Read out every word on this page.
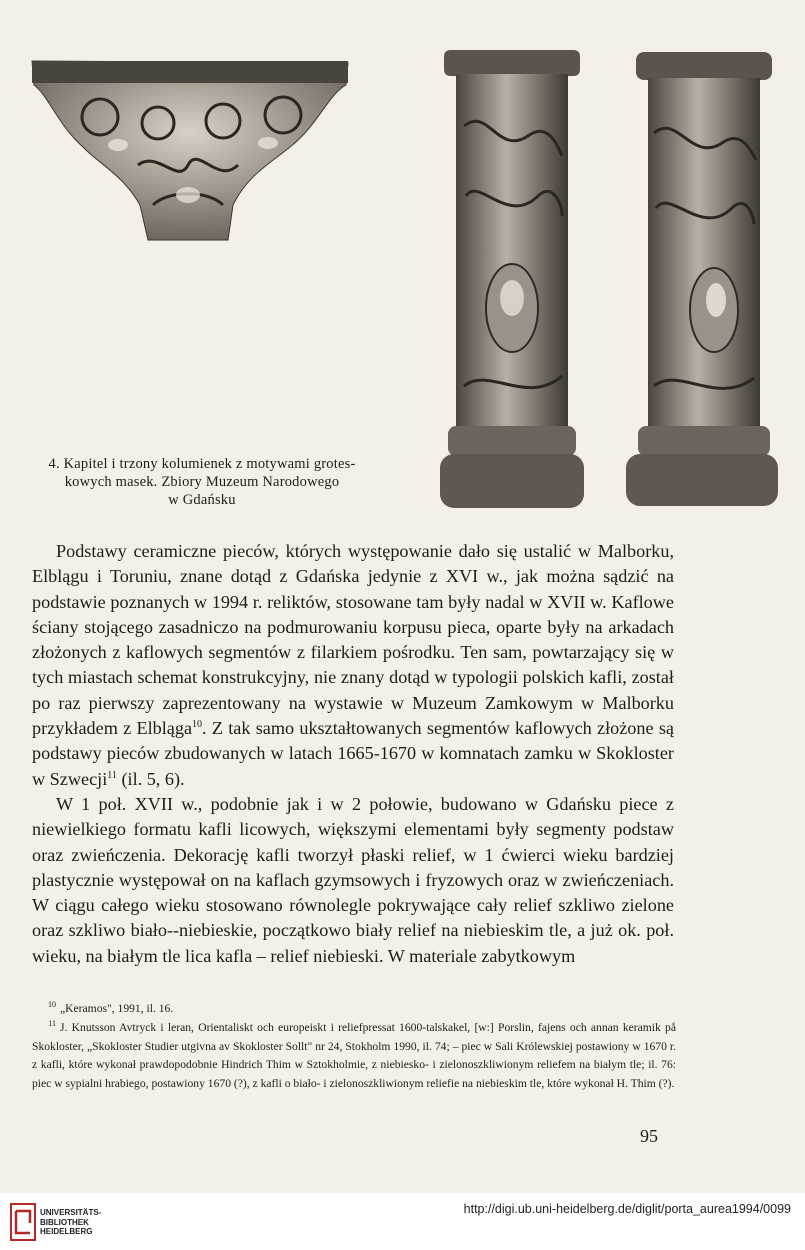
4. Kapitel i trzony kolumienek z motywami grotes-
kowych masek. Zbiory Muzeum Narodowego
w Gdańsku

Podstawy ceramiczne pieców, których występowanie dało się ustalić w Malborku, Elblągu i Toruniu, znane dotąd z Gdańska jedynie z XVI w., jak można sądzić na podstawie poznanych w 1994 r. reliktów, stosowane tam były nadal w XVII w. Kaflowe ściany stojącego zasadniczo na podmurowaniu korpusu pieca, oparte były na arkadach złożonych z kaflowych segmentów z filarkiem pośrodku. Ten sam, powtarzający się w tych miastach schemat konstrukcyjny, nie znany dotąd w typologii polskich kafli, został po raz pierwszy zaprezentowany na wystawie w Muzeum Zamkowym w Malborku przykładem z Elbląga$^{10}$. Z tak samo ukształtowanych segmentów kaflowych złożone są podstawy pieców zbudowanych w latach 1665-1670 w komnatach zamku w Skokloster w Szwecji$^{11}$ (il. 5, 6).

W 1 poł. XVII w., podobnie jak i w 2 połowie, budowano w Gdańsku piece z niewielkiego formatu kafli licowych, większymi elementami były segmenty podstaw oraz zwieńczenia. Dekorację kafli tworzył płaski relief, w 1 ćwierci wieku bardziej plastycznie występował on na kaflach gzymsowych i fryzowych oraz w zwieńczeniach. W ciągu całego wieku stosowano równolegle pokrywające cały relief szkliwo zielone oraz szkliwo biało--niebieskie, początkowo biały relief na niebieskim tle, a już ok. poł. wieku, na białym tle lica kafla – relief niebieski. W materiale zabytkowym

$^{10}$ „Keramos", 1991, il. 16.

$^{11}$ J. Knutsson Avtryck i leran, Orientaliskt och europeiskt i reliefpressat 1600-talskakel, [w:] Porslin, fajens och annan keramik på Skokloster, „Skokloster Studier utgivna av Skokloster Sollt" nr 24, Stokholm 1990, il. 74; – piec w Sali Królewskiej postawiony w 1670 r. z kafli, które wykonał prawdopodobnie Hindrich Thim w Sztokholmie, z niebiesko- i zielonoszkliwionym reliefem na białym tle; il. 76: piec w sypialni hrabiego, postawiony 1670 (?), z kafli o biało- i zielonoszkliwionym reliefie na niebieskim tle, które wykonał H. Thim (?).

95
UNIVERSITÄTS-
BIBLIOTHEK
HEIDELBERG
http://digi.ub.uni-heidelberg.de/diglit/porta_aurea1994/0099
